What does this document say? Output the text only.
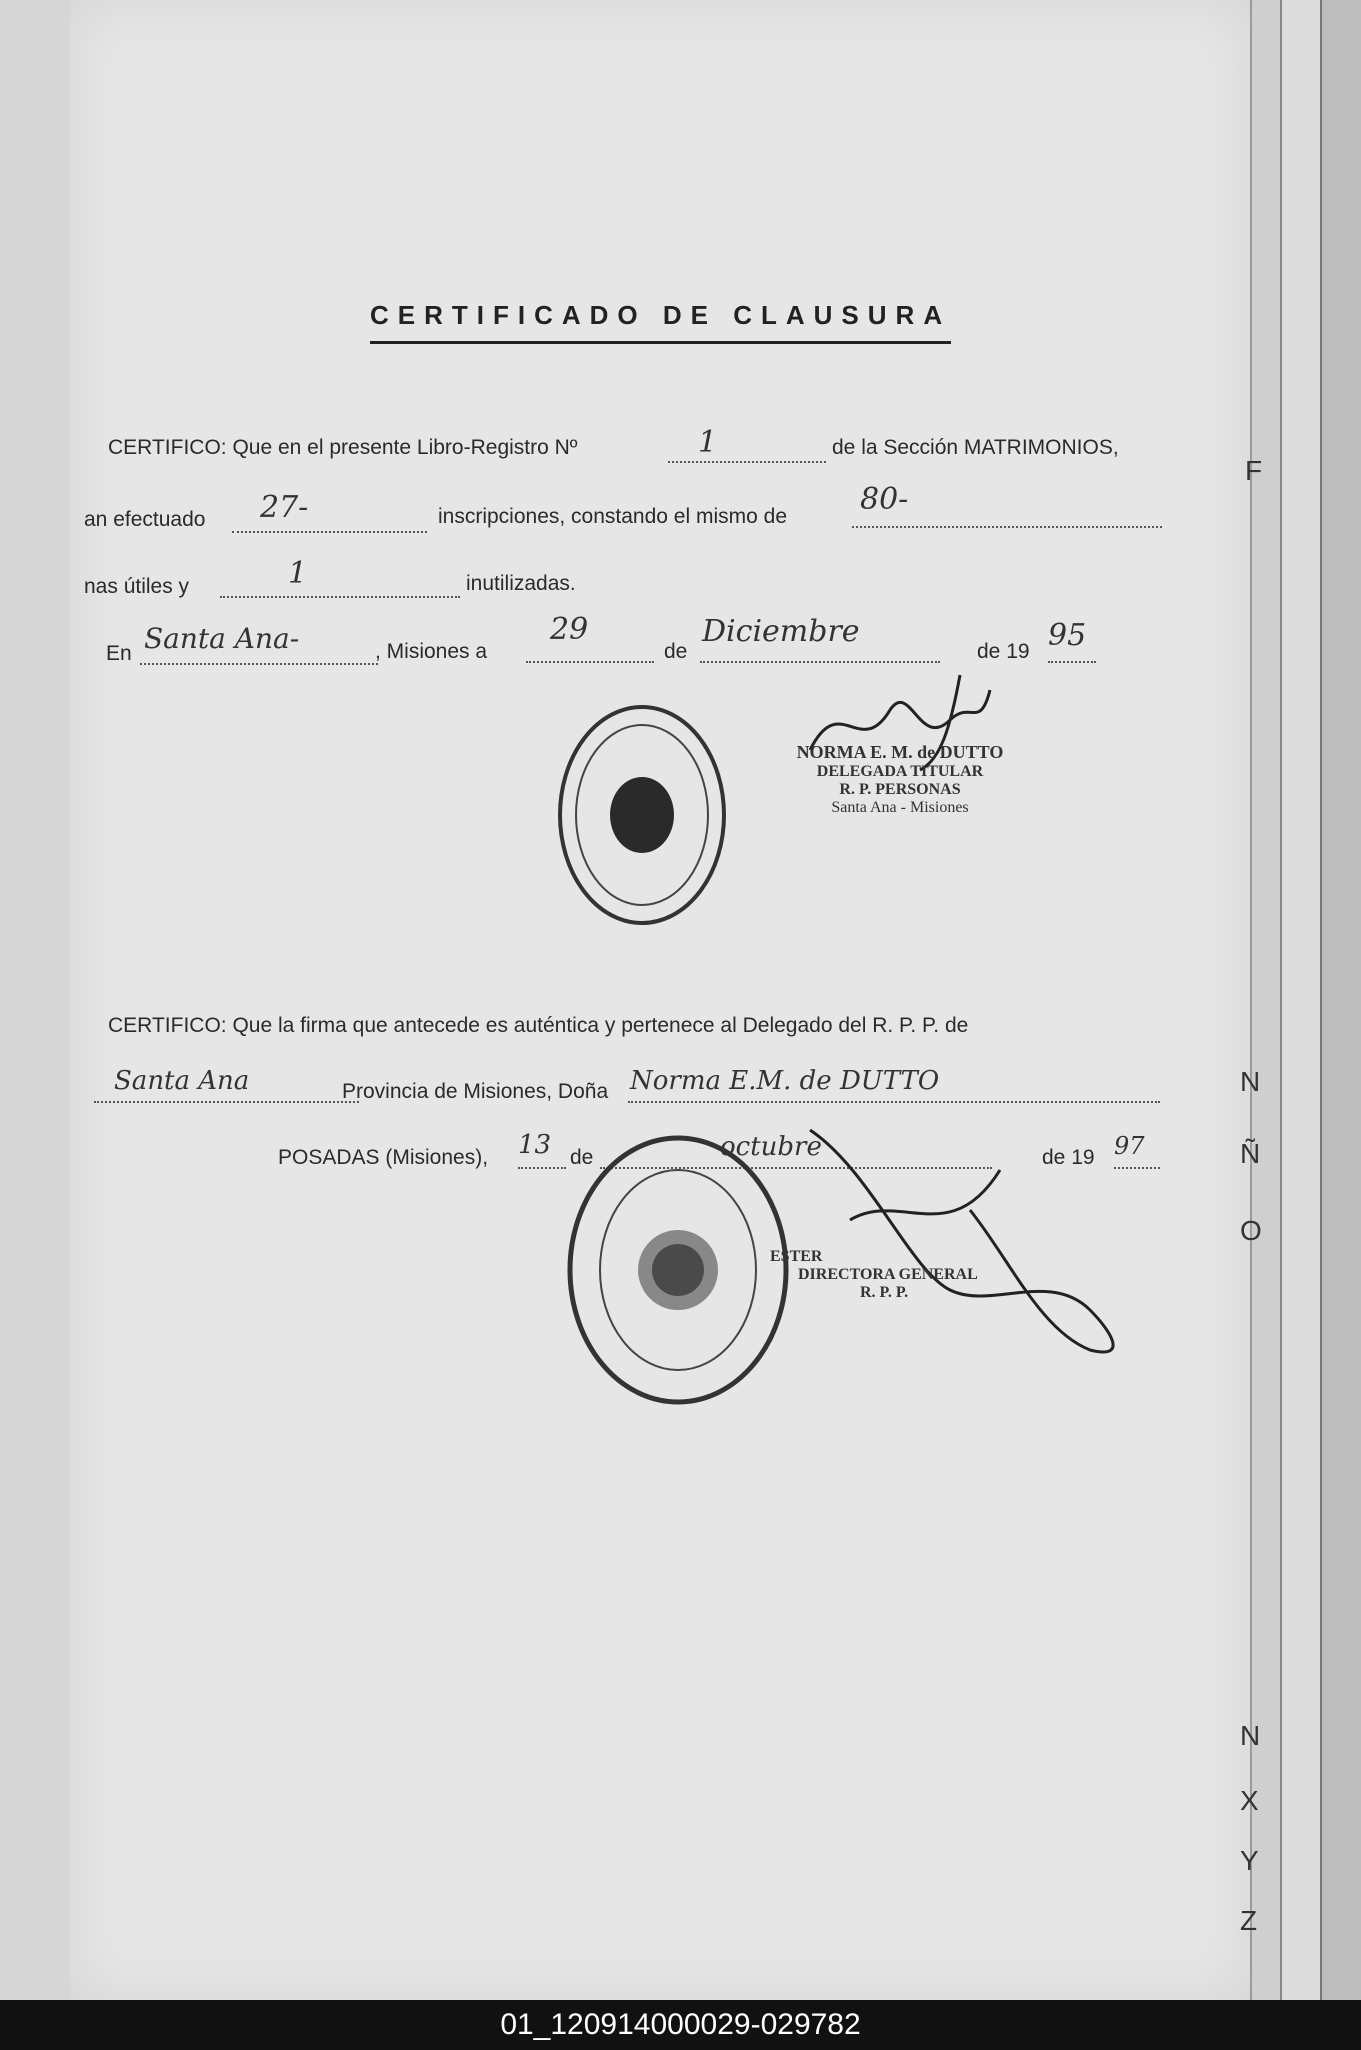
CERTIFICADO DE CLAUSURA
CERTIFICO: Que en el presente Libro-Registro Nº	1	de la Sección MATRIMONIOS,
an efectuado 27-	inscripciones, constando el mismo de 80-
nas útiles y	1	inutilizadas.
En Santa Ana-	, Misiones a
29
de
Diciembre
de 19 95
NORMA E. M. de DUTTO
DELEGADA TITULAR
R. P. PERSONAS
Santa Ana - Misiones
CERTIFICO: Que la firma que antecede es auténtica y pertenece al Delegado del R. P. P. de
Santa Ana	Provincia de Misiones, Doña Norma E.M. de DUTTO
POSADAS (Misiones), 13 de	octubre	de 19 97
ESTER
DIRECTORA GENERAL
R. P. P.
F
N
Ñ
O
N
X
Y
Z
01_120914000029-029782
